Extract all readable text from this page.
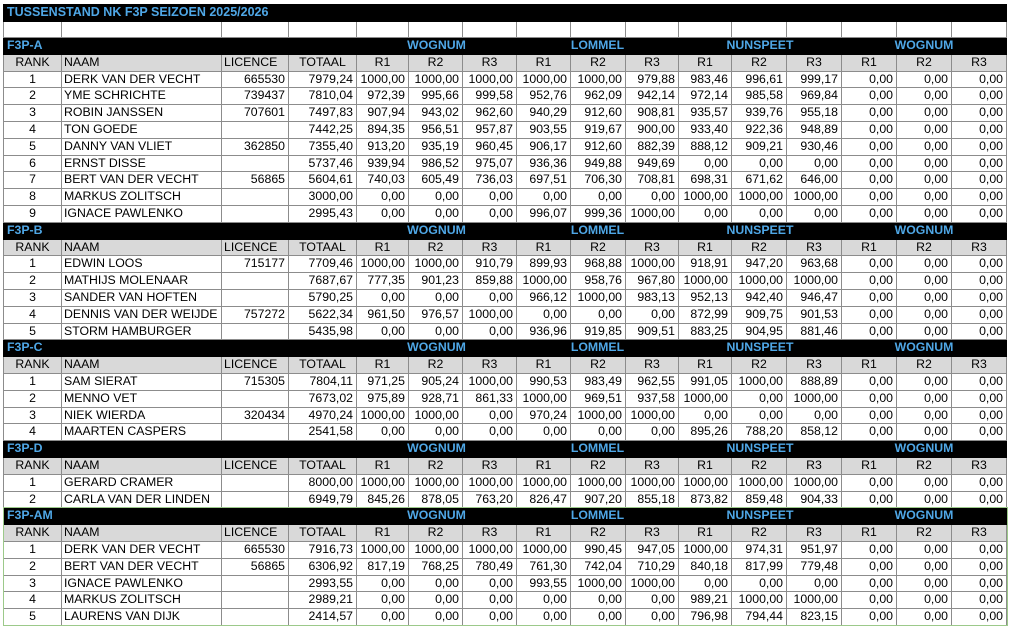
TUSSENSTAND NK F3P SEIZOEN 2025/2026															

F3P-A				WOGNUM			LOMMEL			NUNSPEET			WOGNUM		
RANK	NAAM	LICENCE	TOTAAL	R1	R2	R3	R1	R2	R3	R1	R2	R3	R1	R2	R3
1	DERK VAN DER VECHT	665530	7979,24	1000,00	1000,00	1000,00	1000,00	1000,00	979,88	983,46	996,61	999,17	0,00	0,00	0,00
2	YME SCHRICHTE	739437	7810,04	972,39	995,66	999,58	952,76	962,09	942,14	972,14	985,58	969,84	0,00	0,00	0,00
3	ROBIN JANSSEN	707601	7497,83	907,94	943,02	962,60	940,29	912,60	908,81	935,57	939,76	955,18	0,00	0,00	0,00
4	TON GOEDE		7442,25	894,35	956,51	957,87	903,55	919,67	900,00	933,40	922,36	948,89	0,00	0,00	0,00
5	DANNY VAN VLIET	362850	7355,40	913,20	935,19	960,45	906,17	912,60	882,39	888,12	909,21	930,46	0,00	0,00	0,00
6	ERNST DISSE		5737,46	939,94	986,52	975,07	936,36	949,88	949,69	0,00	0,00	0,00	0,00	0,00	0,00
7	BERT VAN DER VECHT	56865	5604,61	740,03	605,49	736,03	697,51	706,30	708,81	698,31	671,62	646,00	0,00	0,00	0,00
8	MARKUS ZOLITSCH		3000,00	0,00	0,00	0,00	0,00	0,00	0,00	1000,00	1000,00	1000,00	0,00	0,00	0,00
9	IGNACE PAWLENKO		2995,43	0,00	0,00	0,00	996,07	999,36	1000,00	0,00	0,00	0,00	0,00	0,00	0,00
F3P-B				WOGNUM			LOMMEL			NUNSPEET			WOGNUM		
RANK	NAAM	LICENCE	TOTAAL	R1	R2	R3	R1	R2	R3	R1	R2	R3	R1	R2	R3
1	EDWIN LOOS	715177	7709,46	1000,00	1000,00	910,79	899,93	968,88	1000,00	918,91	947,20	963,68	0,00	0,00	0,00
2	MATHIJS MOLENAAR		7687,67	777,35	901,23	859,88	1000,00	958,76	967,80	1000,00	1000,00	1000,00	0,00	0,00	0,00
3	SANDER VAN HOFTEN		5790,25	0,00	0,00	0,00	966,12	1000,00	983,13	952,13	942,40	946,47	0,00	0,00	0,00
4	DENNIS VAN DER WEIJDE	757272	5622,34	961,50	976,57	1000,00	0,00	0,00	0,00	872,99	909,75	901,53	0,00	0,00	0,00
5	STORM HAMBURGER		5435,98	0,00	0,00	0,00	936,96	919,85	909,51	883,25	904,95	881,46	0,00	0,00	0,00
F3P-C				WOGNUM			LOMMEL			NUNSPEET			WOGNUM		
RANK	NAAM	LICENCE	TOTAAL	R1	R2	R3	R1	R2	R3	R1	R2	R3	R1	R2	R3
1	SAM SIERAT	715305	7804,11	971,25	905,24	1000,00	990,53	983,49	962,55	991,05	1000,00	888,89	0,00	0,00	0,00
2	MENNO VET		7673,02	975,89	928,71	861,33	1000,00	969,51	937,58	1000,00	0,00	1000,00	0,00	0,00	0,00
3	NIEK WIERDA	320434	4970,24	1000,00	1000,00	0,00	970,24	1000,00	1000,00	0,00	0,00	0,00	0,00	0,00	0,00
4	MAARTEN CASPERS		2541,58	0,00	0,00	0,00	0,00	0,00	0,00	895,26	788,20	858,12	0,00	0,00	0,00
F3P-D				WOGNUM			LOMMEL			NUNSPEET			WOGNUM		
RANK	NAAM	LICENCE	TOTAAL	R1	R2	R3	R1	R2	R3	R1	R2	R3	R1	R2	R3
1	GERARD CRAMER		8000,00	1000,00	1000,00	1000,00	1000,00	1000,00	1000,00	1000,00	1000,00	1000,00	0,00	0,00	0,00
2	CARLA VAN DER LINDEN		6949,79	845,26	878,05	763,20	826,47	907,20	855,18	873,82	859,48	904,33	0,00	0,00	0,00
F3P-AM				WOGNUM			LOMMEL			NUNSPEET			WOGNUM		
RANK	NAAM	LICENCE	TOTAAL	R1	R2	R3	R1	R2	R3	R1	R2	R3	R1	R2	R3
1	DERK VAN DER VECHT	665530	7916,73	1000,00	1000,00	1000,00	1000,00	990,45	947,05	1000,00	974,31	951,97	0,00	0,00	0,00
2	BERT VAN DER VECHT	56865	6306,92	817,19	768,25	780,49	761,30	742,04	710,29	840,18	817,99	779,48	0,00	0,00	0,00
3	IGNACE PAWLENKO		2993,55	0,00	0,00	0,00	993,55	1000,00	1000,00	0,00	0,00	0,00	0,00	0,00	0,00
4	MARKUS ZOLITSCH		2989,21	0,00	0,00	0,00	0,00	0,00	0,00	989,21	1000,00	1000,00	0,00	0,00	0,00
5	LAURENS VAN DIJK		2414,57	0,00	0,00	0,00	0,00	0,00	0,00	796,98	794,44	823,15	0,00	0,00	0,00
